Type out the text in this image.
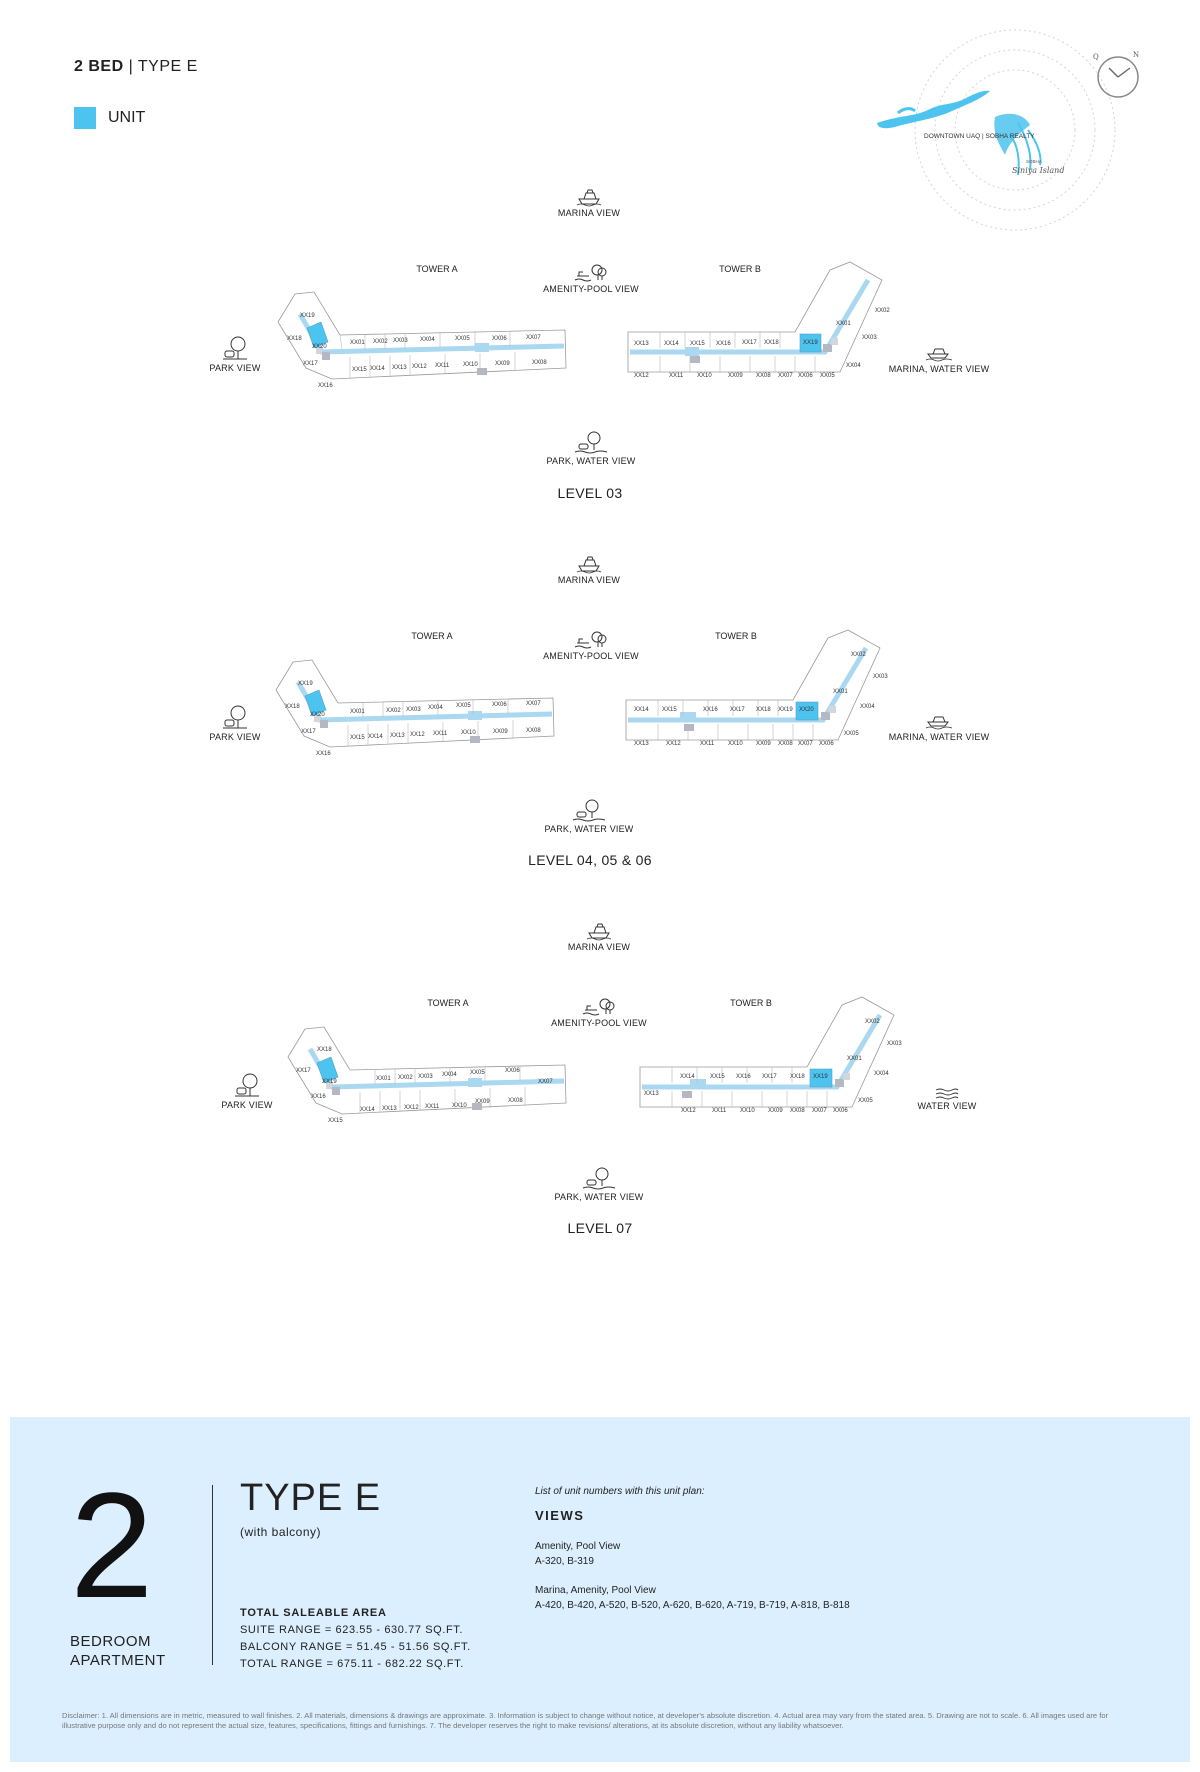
2 BED | TYPE E
UNIT
DOWNTOWN UAQ | SOBHA REALTY
SOBHA
Siniya Island
Q	N
MARINA VIEW
TOWER A	TOWER B
AMENITY-POOL VIEW
PARK VIEW	MARINA, WATER VIEW
PARK, WATER VIEW
LEVEL 03
XX01 XX02 XX03 XX04	XX05	XX06	XX07
XX15 XX14 XX13 XX12 XX11 XX10	XX09	XX08
XX19
XX18
XX20
XX17
XX16
XX13	XX14 XX15 XX16 XX17 XX18	XX19
XX12	XX11 XX10	XX09 XX08 XX07 XX06 XX05
XX02
XX01
XX03
XX04
MARINA VIEW
TOWER A	TOWER B
AMENITY-POOL VIEW
PARK VIEW	MARINA, WATER VIEW
PARK, WATER VIEW
LEVEL 04, 05 & 06
XX01	XX02 XX03 XX04 XX05	XX06	XX07
XX15 XX14 XX13 XX12 XX11 XX10	XX09	XX08
XX19
XX18
XX20
XX17
XX16
XX14 XX15	XX16 XX17 XX18 XX19 XX20
XX13	XX12	XX11 XX10 XX09 XX08 XX07 XX06
XX02
XX03
XX01
XX04
XX05
MARINA VIEW
TOWER A	TOWER B
AMENITY-POOL VIEW
PARK VIEW	WATER VIEW
PARK, WATER VIEW
LEVEL 07
XX01 XX02 XX03 XX04 XX05	XX06
XX07
XX14 XX13 XX12 XX11 XX10
XX09	XX08
XX18
XX17
XX19
XX16
XX15
XX14	XX15 XX16 XX17 XX18 XX19
XX12	XX11 XX10 XX09 XX08 XX07 XX06
XX02
XX03
XX01
XX04
XX05
XX13
2
BEDROOM
APARTMENT
TYPE E
(with balcony)
TOTAL SALEABLE AREA
SUITE RANGE = 623.55 - 630.77 SQ.FT.
BALCONY RANGE = 51.45 - 51.56 SQ.FT.
TOTAL RANGE = 675.11 - 682.22 SQ.FT.
List of unit numbers with this unit plan:
VIEWS
Amenity, Pool View
A-320, B-319
Marina, Amenity, Pool View
A-420, B-420, A-520, B-520, A-620, B-620, A-719, B-719, A-818, B-818
Disclaimer: 1. All dimensions are in metric, measured to wall finishes. 2. All materials, dimensions & drawings are approximate. 3. Information is subject to change without notice, at developer's absolute discretion. 4. Actual area may vary from the stated area. 5. Drawing are not to scale. 6. All images used are for illustrative purpose only and do not represent the actual size, features, specifications, fittings and furnishings. 7. The developer reserves the right to make revisions/ alterations, at its absolute discretion, without any liability whatsoever.
